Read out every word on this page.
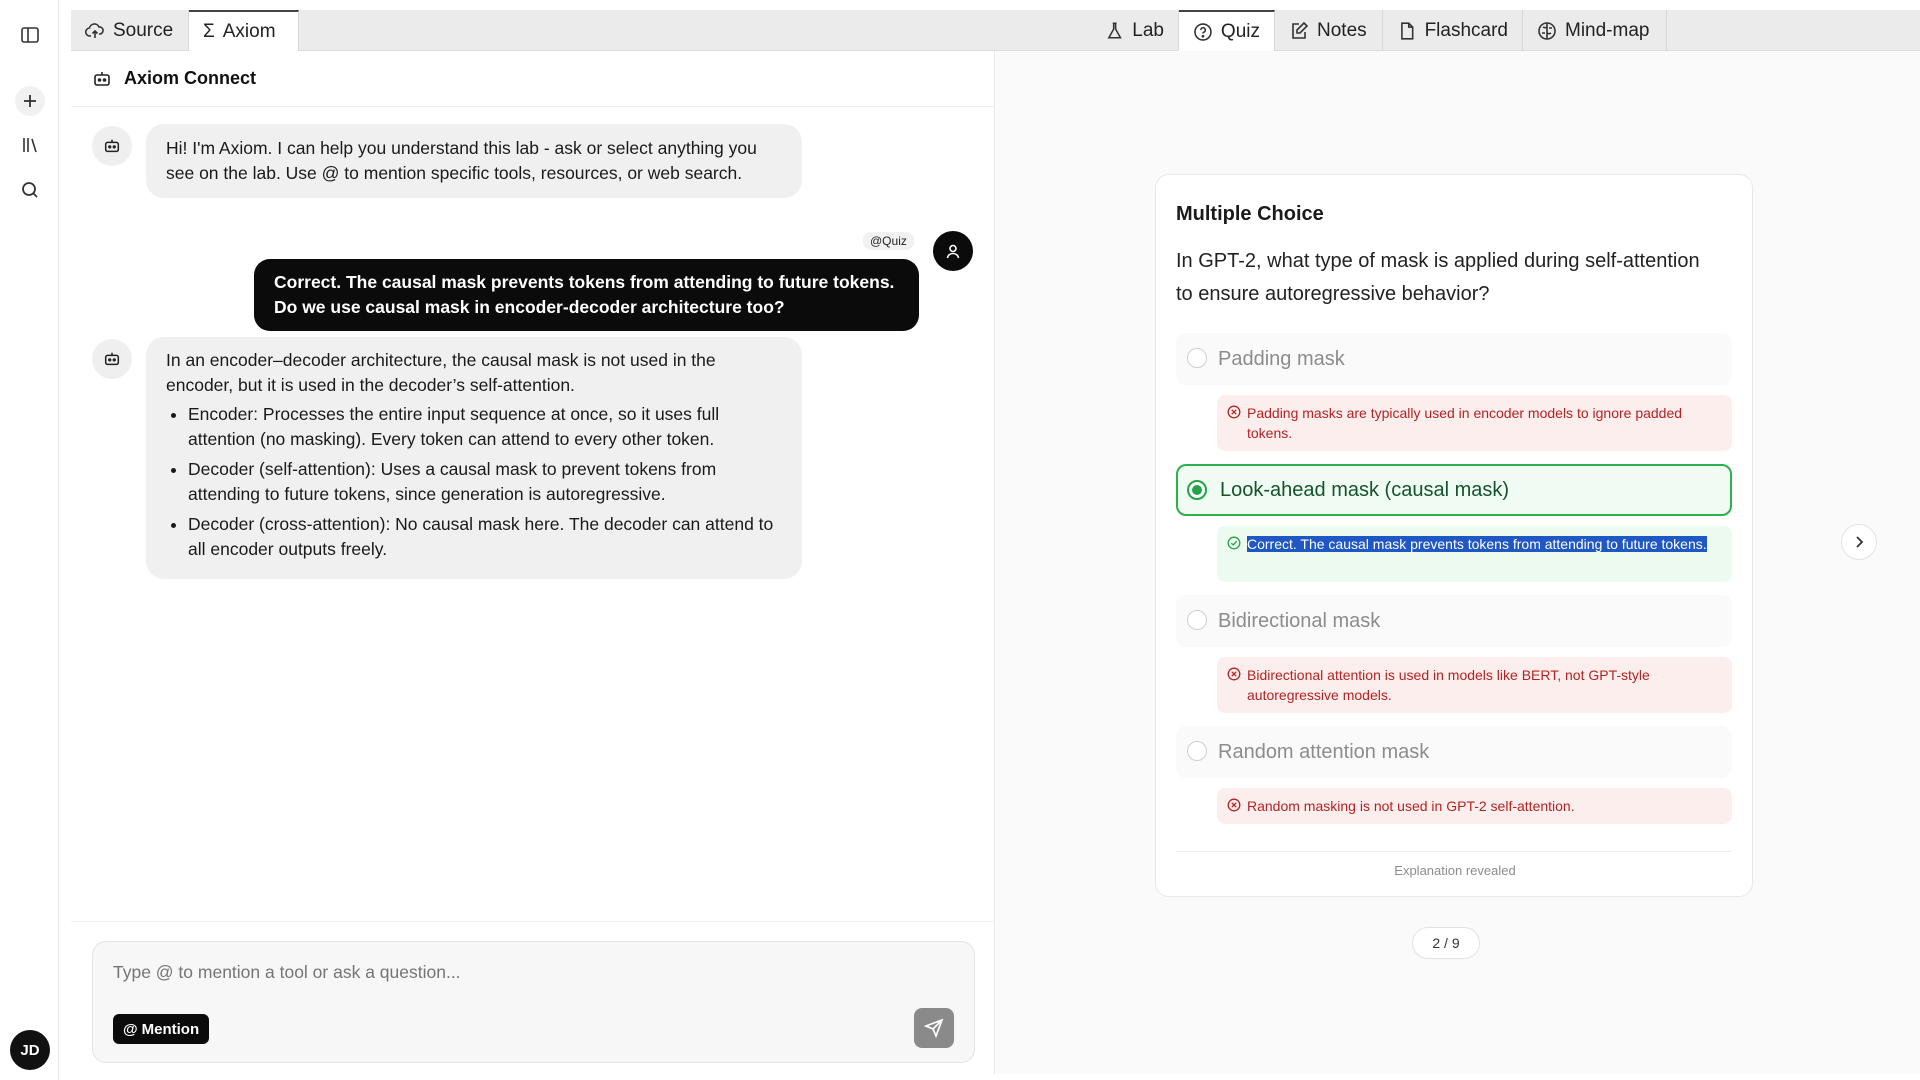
JD
Source Σ Axiom	Lab	Quiz	Notes	Flashcard	Mind-map
Axiom Connect
Hi! I'm Axiom. I can help you understand this lab - ask or select anything you see on the lab. Use @ to mention specific tools, resources, or web search.
@Quiz
Correct. The causal mask prevents tokens from attending to future tokens. Do we use causal mask in encoder-decoder architecture too?
In an encoder–decoder architecture, the causal mask is not used in the encoder, but it is used in the decoder’s self-attention.
• Encoder: Processes the entire input sequence at once, so it uses full attention (no masking). Every token can attend to every other token.
• Decoder (self-attention): Uses a causal mask to prevent tokens from attending to future tokens, since generation is autoregressive.
• Decoder (cross-attention): No causal mask here. The decoder can attend to all encoder outputs freely.
Type @ to mention a tool or ask a question...
@ Mention
Multiple Choice
In GPT-2, what type of mask is applied during self-attention to ensure autoregressive behavior?
Padding mask
Padding masks are typically used in encoder models to ignore padded tokens.
Look-ahead mask (causal mask)
Correct. The causal mask prevents tokens from attending to future tokens.
Bidirectional mask
Bidirectional attention is used in models like BERT, not GPT-style autoregressive models.
Random attention mask
Random masking is not used in GPT-2 self-attention.
Explanation revealed
2 / 9
